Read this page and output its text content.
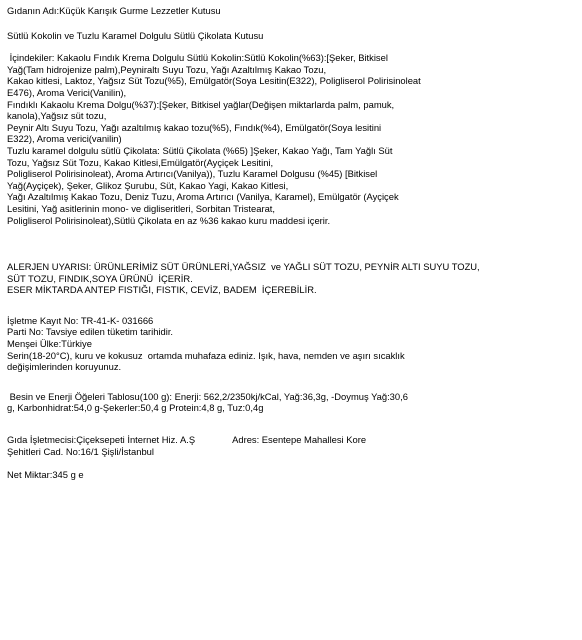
Gıdanın Adı:Küçük Karışık Gurme Lezzetler Kutusu
Sütlü Kokolin ve Tuzlu Karamel Dolgulu Sütlü Çikolata Kutusu
İçindekiler: Kakaolu Fındık Krema Dolgulu Sütlü Kokolin:Sütlü Kokolin(%63):[Şeker, Bitkisel
Yağ(Tam hidrojenize palm),Peyniraltı Suyu Tozu, Yağı Azaltılmış Kakao Tozu,
Kakao kitlesi, Laktoz, Yağsız Süt Tozu(%5), Emülgatör(Soya Lesitin(E322), Poligliserol Polirisinoleat
E476), Aroma Verici(Vanilin),
Fındıklı Kakaolu Krema Dolgu(%37):[Şeker, Bitkisel yağlar(Değişen miktarlarda palm, pamuk,
kanola),Yağsız süt tozu,
Peynir Altı Suyu Tozu, Yağı azaltılmış kakao tozu(%5), Fındık(%4), Emülgatör(Soya lesitini
E322), Aroma verici(vanilin)
Tuzlu karamel dolgulu sütlü Çikolata: Sütlü Çikolata (%65) ]Şeker, Kakao Yağı, Tam Yağlı Süt
Tozu, Yağsız Süt Tozu, Kakao Kitlesi,Emülgatör(Ayçiçek Lesitini,
Poligliserol Polirisinoleat), Aroma Artırıcı(Vanilya)), Tuzlu Karamel Dolgusu (%45) [Bitkisel
Yağ(Ayçiçek), Şeker, Glikoz Şurubu, Süt, Kakao Yagi, Kakao Kitlesi,
Yağı Azaltılmış Kakao Tozu, Deniz Tuzu, Aroma Artırıcı (Vanilya, Karamel), Emülgatör (Ayçiçek
Lesitini, Yağ asitlerinin mono- ve digliseritleri, Sorbitan Tristearat,
Poligliserol Polirisinoleat),Sütlü Çikolata en az %36 kakao kuru maddesi içerir.
ALERJEN UYARISI: ÜRÜNLERİMİZ SÜT ÜRÜNLERİ,YAĞSIZ  ve YAĞLI SÜT TOZU, PEYNİR ALTI SUYU TOZU,
SÜT TOZU, FINDIK,SOYA ÜRÜNÜ  İÇERİR.
ESER MİKTARDA ANTEP FISTIĞI, FISTIK, CEVİZ, BADEM  İÇEREBİLİR.
İşletme Kayıt No: TR-41-K- 031666
Parti No: Tavsiye edilen tüketim tarihidir.
Menşei Ülke:Türkiye
Serin(18-20°C), kuru ve kokusuz  ortamda muhafaza ediniz. Işık, hava, nemden ve aşırı sıcaklık
değişimlerinden koruyunuz.
Besin ve Enerji Öğeleri Tablosu(100 g): Enerji: 562,2/2350kj/kCal, Yağ:36,3g, -Doymuş Yağ:30,6
g, Karbonhidrat:54,0 g-Şekerler:50,4 g Protein:4,8 g, Tuz:0,4g
Gıda İşletmecisi:Çiçeksepeti İnternet Hiz. A.Ş	Adres: Esentepe Mahallesi Kore
Şehitleri Cad. No:16/1 Şişli/İstanbul
Net Miktar:345 g e
